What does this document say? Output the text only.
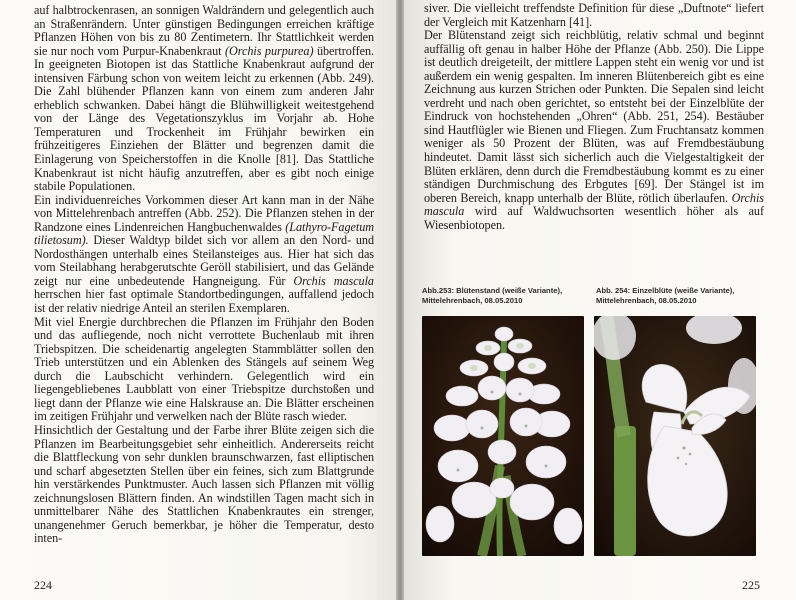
auf halbtrockenrasen, an sonnigen Waldrändern und gelegentlich auch an Straßenrändern. Unter günstigen Bedingungen erreichen kräftige Pflanzen Höhen von bis zu 80 Zentimetern. Ihr Stattlichkeit werden sie nur noch vom Purpur-Knabenkraut (Orchis purpurea) übertroffen. In geeigneten Biotopen ist das Stattliche Knabenkraut aufgrund der intensiven Färbung schon von weitem leicht zu erkennen (Abb. 249). Die Zahl blühender Pflanzen kann von einem zum anderen Jahr erheblich schwanken. Dabei hängt die Blühwilligkeit weitestgehend von der Länge des Vegetationszyklus im Vorjahr ab. Hohe Temperaturen und Trockenheit im Frühjahr bewirken ein frühzeitigeres Einziehen der Blätter und begrenzen damit die Einlagerung von Speicherstoffen in die Knolle [81]. Das Stattliche Knabenkraut ist nicht häufig anzutreffen, aber es gibt noch einige stabile Populationen.

Ein individuenreiches Vorkommen dieser Art kann man in der Nähe von Mittelehrenbach antreffen (Abb. 252). Die Pflanzen stehen in der Randzone eines Lindenreichen Hangbuchenwaldes (Lathyro-Fagetum tilietosum). Dieser Waldtyp bildet sich vor allem an den Nord- und Nordosthängen unterhalb eines Steilansteiges aus. Hier hat sich das vom Steilabhang herabgerutschte Geröll stabilisiert, und das Gelände zeigt nur eine unbedeutende Hangneigung. Für Orchis mascula herrschen hier fast optimale Standortbedingungen, auffallend jedoch ist der relativ niedrige Anteil an sterilen Exemplaren.

Mit viel Energie durchbrechen die Pflanzen im Frühjahr den Boden und das aufliegende, noch nicht verrottete Buchenlaub mit ihren Triebspitzen. Die scheidenartig angelegten Stammblätter sollen den Trieb unterstützen und ein Ablenken des Stängels auf seinem Weg durch die Laubschicht verhindern. Gelegentlich wird ein liegengebliebenes Laubblatt von einer Triebspitze durchstoßen und liegt dann der Pflanze wie eine Halskrause an. Die Blätter erscheinen im zeitigen Frühjahr und verwelken nach der Blüte rasch wieder.

Hinsichtlich der Gestaltung und der Farbe ihrer Blüte zeigen sich die Pflanzen im Bearbeitungsgebiet sehr einheitlich. Andererseits reicht die Blattfleckung von sehr dunklen braunschwarzen, fast elliptischen und scharf abgesetzten Stellen über ein feines, sich zum Blattgrunde hin verstärkendes Punktmuster. Auch lassen sich Pflanzen mit völlig zeichnungslosen Blättern finden. An windstillen Tagen macht sich in unmittelbarer Nähe des Stattlichen Knabenkrautes ein strenger, unangenehmer Geruch bemerkbar, je höher die Temperatur, desto inten-

224

siver. Die vielleicht treffendste Definition für diese „Duftnote“ liefert der Vergleich mit Katzenharn [41].

Der Blütenstand zeigt sich reichblütig, relativ schmal und beginnt auffällig oft genau in halber Höhe der Pflanze (Abb. 250). Die Lippe ist deutlich dreigeteilt, der mittlere Lappen steht ein wenig vor und ist außerdem ein wenig gespalten. Im inneren Blütenbereich gibt es eine Zeichnung aus kurzen Strichen oder Punkten. Die Sepalen sind leicht verdreht und nach oben gerichtet, so entsteht bei der Einzelblüte der Eindruck von hochstehenden „Ohren“ (Abb. 251, 254). Bestäuber sind Hautflügler wie Bienen und Fliegen. Zum Fruchtansatz kommen weniger als 50 Prozent der Blüten, was auf Fremdbestäubung hindeutet. Damit lässt sich sicherlich auch die Vielgestaltigkeit der Blüten erklären, denn durch die Fremdbestäubung kommt es zu einer ständigen Durchmischung des Erbgutes [69]. Der Stängel ist im oberen Bereich, knapp unterhalb der Blüte, rötlich überlaufen. Orchis mascula wird auf Waldwuchsorten wesentlich höher als auf Wiesenbiotopen.

Abb.253: Blütenstand (weiße Variante),
Mittelehrenbach, 08.05.2010
Abb. 254: Einzelblüte (weiße Variante),
Mittelehrenbach, 08.05.2010
225
